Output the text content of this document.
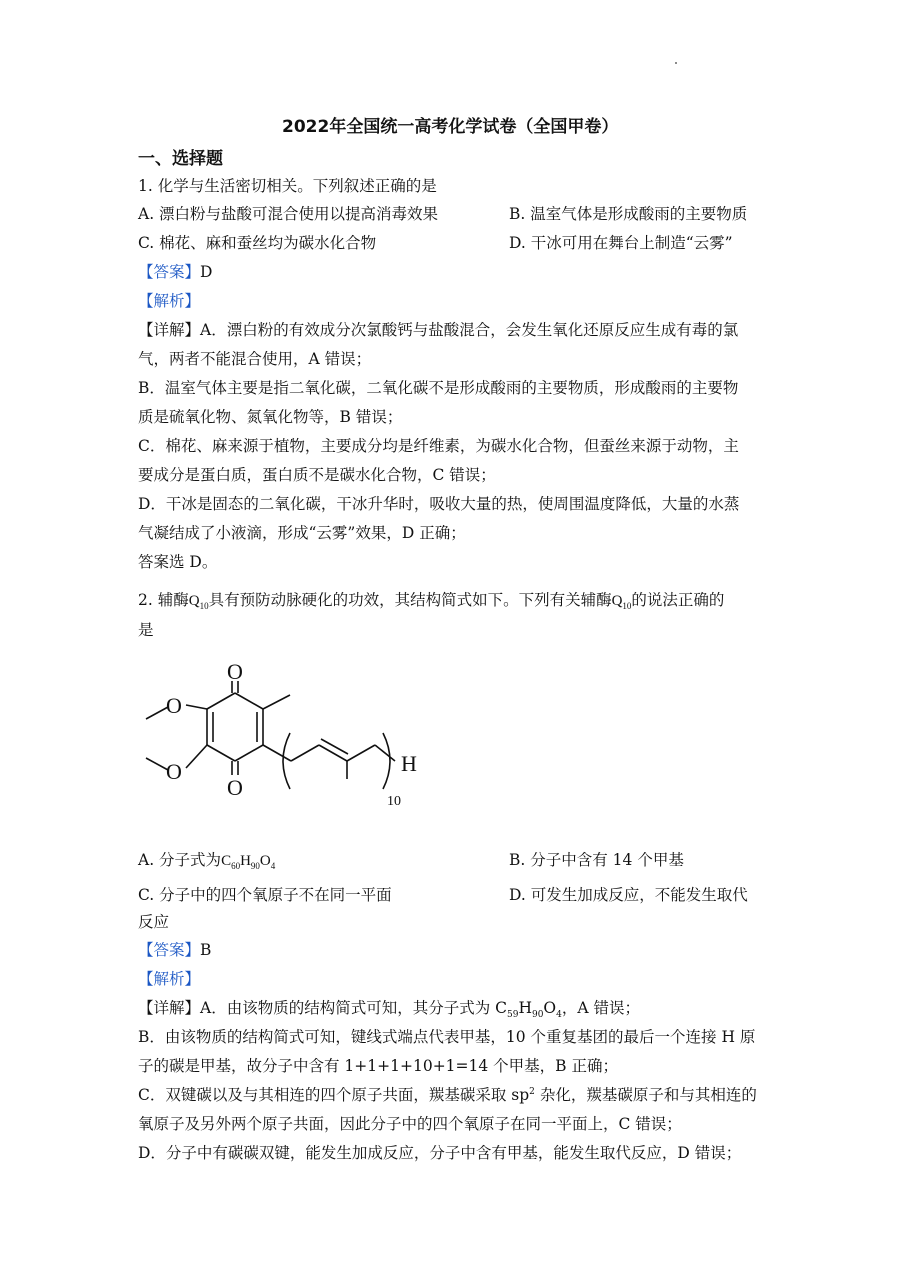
2022年全国统一高考化学试卷（全国甲卷）
一、选择题
1. 化学与生活密切相关。下列叙述正确的是
A. 漂白粉与盐酸可混合使用以提高消毒效果	B. 温室气体是形成酸雨的主要物质
C. 棉花、麻和蚕丝均为碳水化合物	D. 干冰可用在舞台上制造“云雾”
【答案】D
【解析】
【详解】A．漂白粉的有效成分次氯酸钙与盐酸混合，会发生氧化还原反应生成有毒的氯
气，两者不能混合使用，A 错误；
B．温室气体主要是指二氧化碳，二氧化碳不是形成酸雨的主要物质，形成酸雨的主要物
质是硫氧化物、氮氧化物等，B 错误；
C．棉花、麻来源于植物，主要成分均是纤维素，为碳水化合物，但蚕丝来源于动物，主
要成分是蛋白质，蛋白质不是碳水化合物，C 错误；
D．干冰是固态的二氧化碳，干冰升华时，吸收大量的热，使周围温度降低，大量的水蒸
气凝结成了小液滴，形成“云雾”效果，D 正确；
答案选 D。
2. 辅酶$Q_{10}$具有预防动脉硬化的功效，其结构简式如下。下列有关辅酶$Q_{10}$的说法正确的
是
O
O
O
O	H
10
A. 分子式为$C_{60}H_{90}O_4$	B. 分子中含有 14 个甲基
C. 分子中的四个氧原子不在同一平面	D. 可发生加成反应，不能发生取代
反应
【答案】B
【解析】
【详解】A．由该物质的结构简式可知，其分子式为 $C_{59}H_{90}O_4$，A 错误；
B．由该物质的结构简式可知，键线式端点代表甲基，10 个重复基团的最后一个连接 H 原
子的碳是甲基，故分子中含有 1+1+1+10+1=14 个甲基，B 正确；
C．双键碳以及与其相连的四个原子共面，羰基碳采取 $sp^2$ 杂化，羰基碳原子和与其相连的
氧原子及另外两个原子共面，因此分子中的四个氧原子在同一平面上，C 错误；
D．分子中有碳碳双键，能发生加成反应，分子中含有甲基，能发生取代反应，D 错误；
